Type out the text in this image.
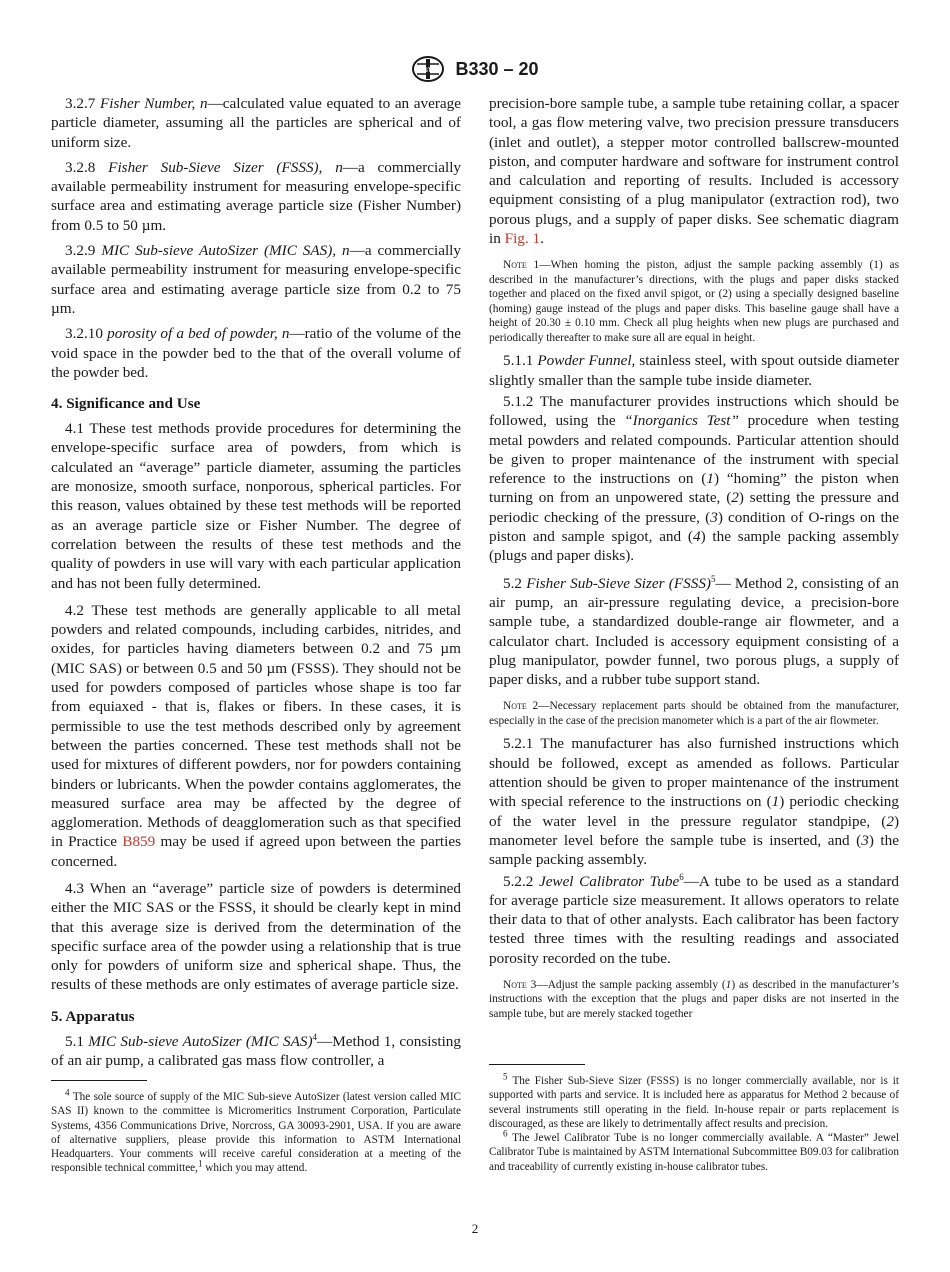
ASTM B330 – 20

3.2.7 Fisher Number, n—calculated value equated to an average particle diameter, assuming all the particles are spherical and of uniform size.

3.2.8 Fisher Sub-Sieve Sizer (FSSS), n—a commercially available permeability instrument for measuring envelope-specific surface area and estimating average particle size (Fisher Number) from 0.5 to 50 µm.

3.2.9 MIC Sub-sieve AutoSizer (MIC SAS), n—a commercially available permeability instrument for measuring envelope-specific surface area and estimating average particle size from 0.2 to 75 µm.

3.2.10 porosity of a bed of powder, n—ratio of the volume of the void space in the powder bed to the that of the overall volume of the powder bed.

4. Significance and Use

4.1 These test methods provide procedures for determining the envelope-specific surface area of powders, from which is calculated an “average” particle diameter, assuming the particles are monosize, smooth surface, nonporous, spherical particles. For this reason, values obtained by these test methods will be reported as an average particle size or Fisher Number. The degree of correlation between the results of these test methods and the quality of powders in use will vary with each particular application and has not been fully determined.

4.2 These test methods are generally applicable to all metal powders and related compounds, including carbides, nitrides, and oxides, for particles having diameters between 0.2 and 75 µm (MIC SAS) or between 0.5 and 50 µm (FSSS). They should not be used for powders composed of particles whose shape is too far from equiaxed - that is, flakes or fibers. In these cases, it is permissible to use the test methods described only by agreement between the parties concerned. These test methods shall not be used for mixtures of different powders, nor for powders containing binders or lubricants. When the powder contains agglomerates, the measured surface area may be affected by the degree of agglomeration. Methods of deagglomeration such as that specified in Practice B859 may be used if agreed upon between the parties concerned.

4.3 When an “average” particle size of powders is determined either the MIC SAS or the FSSS, it should be clearly kept in mind that this average size is derived from the determination of the specific surface area of the powder using a relationship that is true only for powders of uniform size and spherical shape. Thus, the results of these methods are only estimates of average particle size.

5. Apparatus

5.1 MIC Sub-sieve AutoSizer (MIC SAS)$^4$—Method 1, consisting of an air pump, a calibrated gas mass flow controller, a

$^4$ The sole source of supply of the MIC Sub-sieve AutoSizer (latest version called MIC SAS II) known to the committee is Micromeritics Instrument Corporation, Particulate Systems, 4356 Communications Drive, Norcross, GA 30093-2901, USA. If you are aware of alternative suppliers, please provide this information to ASTM International Headquarters. Your comments will receive careful consideration at a meeting of the responsible technical committee,$^1$ which you may attend.

precision-bore sample tube, a sample tube retaining collar, a spacer tool, a gas flow metering valve, two precision pressure transducers (inlet and outlet), a stepper motor controlled ballscrew-mounted piston, and computer hardware and software for instrument control and calculation and reporting of results. Included is accessory equipment consisting of a plug manipulator (extraction rod), two porous plugs, and a supply of paper disks. See schematic diagram in Fig. 1.

Note 1—When homing the piston, adjust the sample packing assembly (1) as described in the manufacturer’s directions, with the plugs and paper disks stacked together and placed on the fixed anvil spigot, or (2) using a specially designed baseline (homing) gauge instead of the plugs and paper disks. This baseline gauge shall have a height of 20.30 ± 0.10 mm. Check all plug heights when new plugs are purchased and periodically thereafter to make sure all are equal in height.

5.1.1 Powder Funnel, stainless steel, with spout outside diameter slightly smaller than the sample tube inside diameter.

5.1.2 The manufacturer provides instructions which should be followed, using the “Inorganics Test” procedure when testing metal powders and related compounds. Particular attention should be given to proper maintenance of the instrument with special reference to the instructions on (1) “homing” the piston when turning on from an unpowered state, (2) setting the pressure and periodic checking of the pressure, (3) condition of O-rings on the piston and sample spigot, and (4) the sample packing assembly (plugs and paper disks).

5.2 Fisher Sub-Sieve Sizer (FSSS)$^5$— Method 2, consisting of an air pump, an air-pressure regulating device, a precision-bore sample tube, a standardized double-range air flowmeter, and a calculator chart. Included is accessory equipment consisting of a plug manipulator, powder funnel, two porous plugs, a supply of paper disks, and a rubber tube support stand.

Note 2—Necessary replacement parts should be obtained from the manufacturer, especially in the case of the precision manometer which is a part of the air flowmeter.

5.2.1 The manufacturer has also furnished instructions which should be followed, except as amended as follows. Particular attention should be given to proper maintenance of the instrument with special reference to the instructions on (1) periodic checking of the water level in the pressure regulator standpipe, (2) manometer level before the sample tube is inserted, and (3) the sample packing assembly.

5.2.2 Jewel Calibrator Tube$^6$—A tube to be used as a standard for average particle size measurement. It allows operators to relate their data to that of other analysts. Each calibrator has been factory tested three times with the resulting readings and associated porosity recorded on the tube.

Note 3—Adjust the sample packing assembly (1) as described in the manufacturer’s instructions with the exception that the plugs and paper disks are not inserted in the sample tube, but are merely stacked together

$^5$ The Fisher Sub-Sieve Sizer (FSSS) is no longer commercially available, nor is it supported with parts and service. It is included here as apparatus for Method 2 because of several instruments still operating in the field. In-house repair or parts replacement is discouraged, as these are likely to detrimentally affect results and precision.

$^6$ The Jewel Calibrator Tube is no longer commercially available. A “Master” Jewel Calibrator Tube is maintained by ASTM International Subcommittee B09.03 for calibration and traceability of currently existing in-house calibrator tubes.

2
